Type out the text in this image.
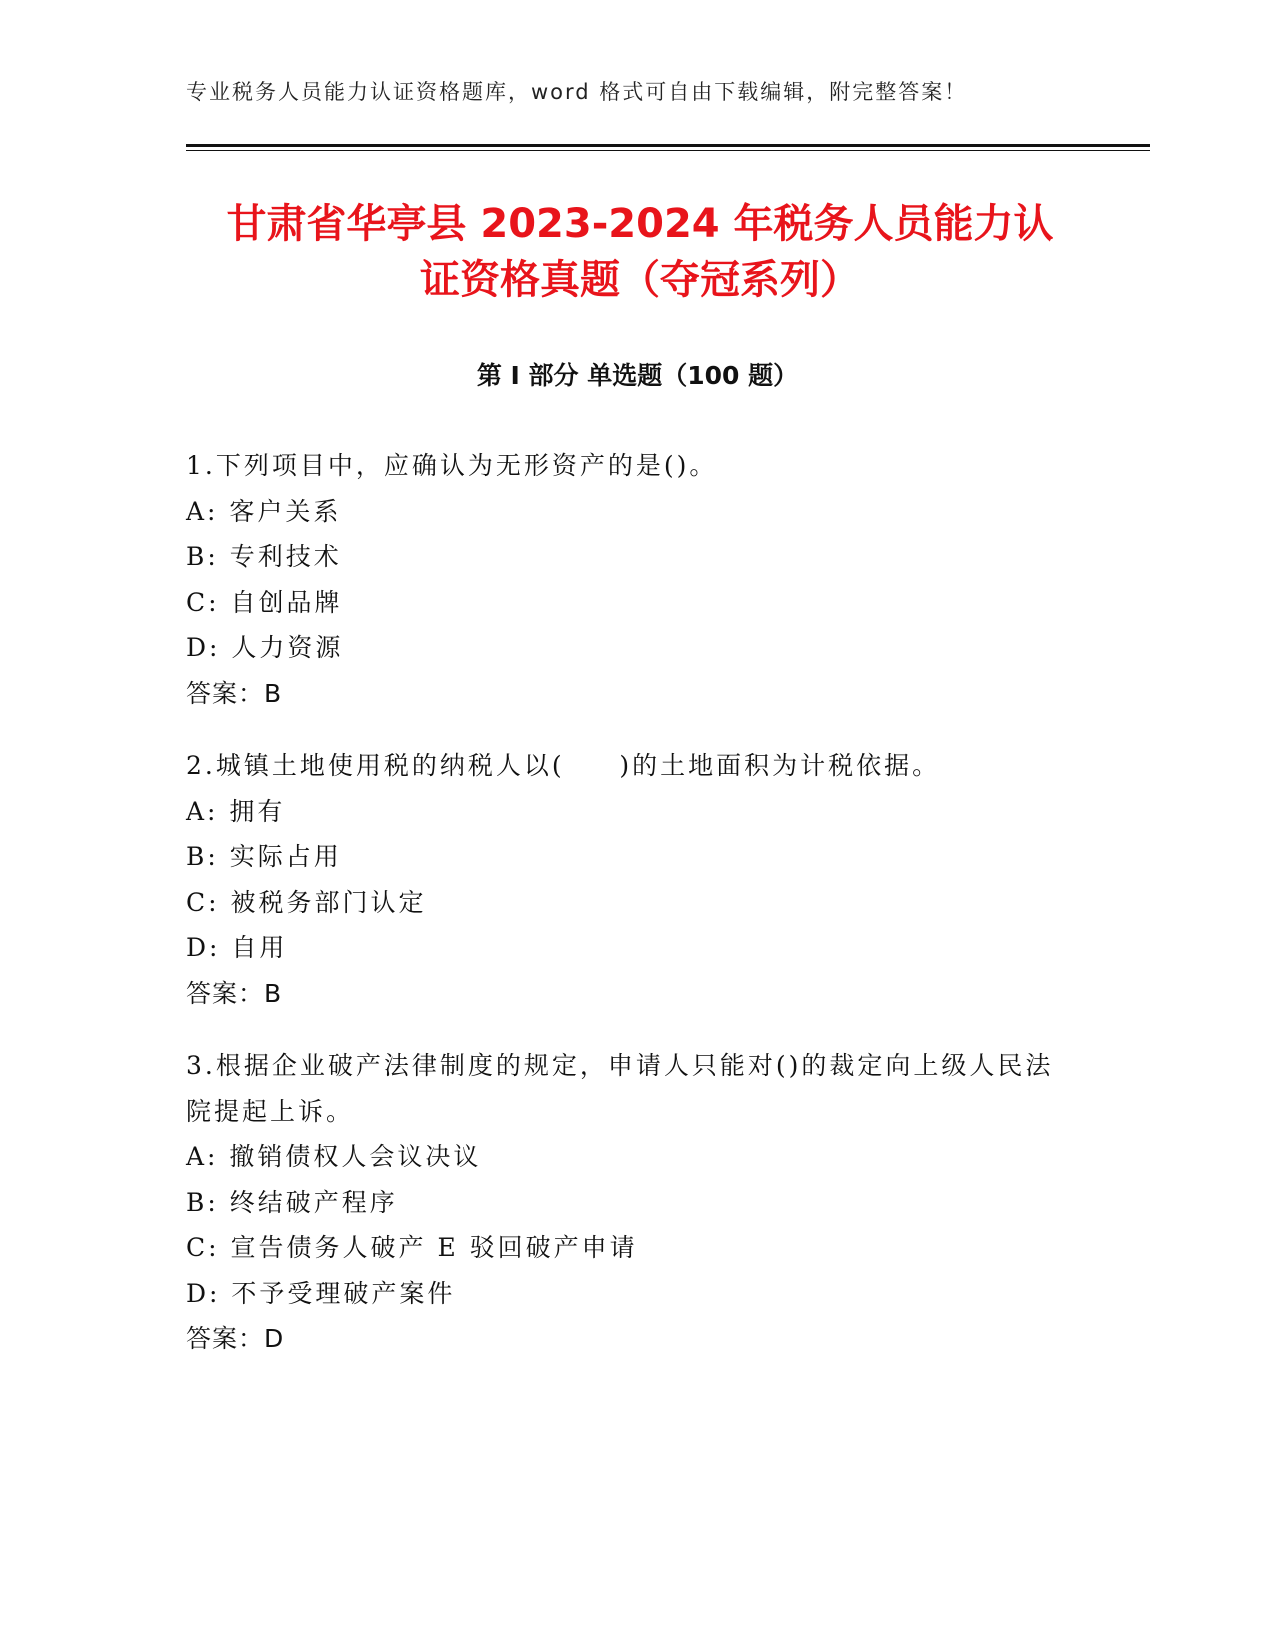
专业税务人员能力认证资格题库，word 格式可自由下载编辑，附完整答案！
甘肃省华亭县 2023-2024 年税务人员能力认
证资格真题（夺冠系列）
第 I 部分 单选题（100 题）
1.下列项目中，应确认为无形资产的是()。
A: 客户关系
B: 专利技术
C: 自创品牌
D: 人力资源
答案：B
2.城镇土地使用税的纳税人以(     )的土地面积为计税依据。
A: 拥有
B: 实际占用
C: 被税务部门认定
D: 自用
答案：B
3.根据企业破产法律制度的规定，申请人只能对()的裁定向上级人民法院提起上诉。
A: 撤销债权人会议决议
B: 终结破产程序
C: 宣告债务人破产 E 驳回破产申请
D: 不予受理破产案件
答案：D
